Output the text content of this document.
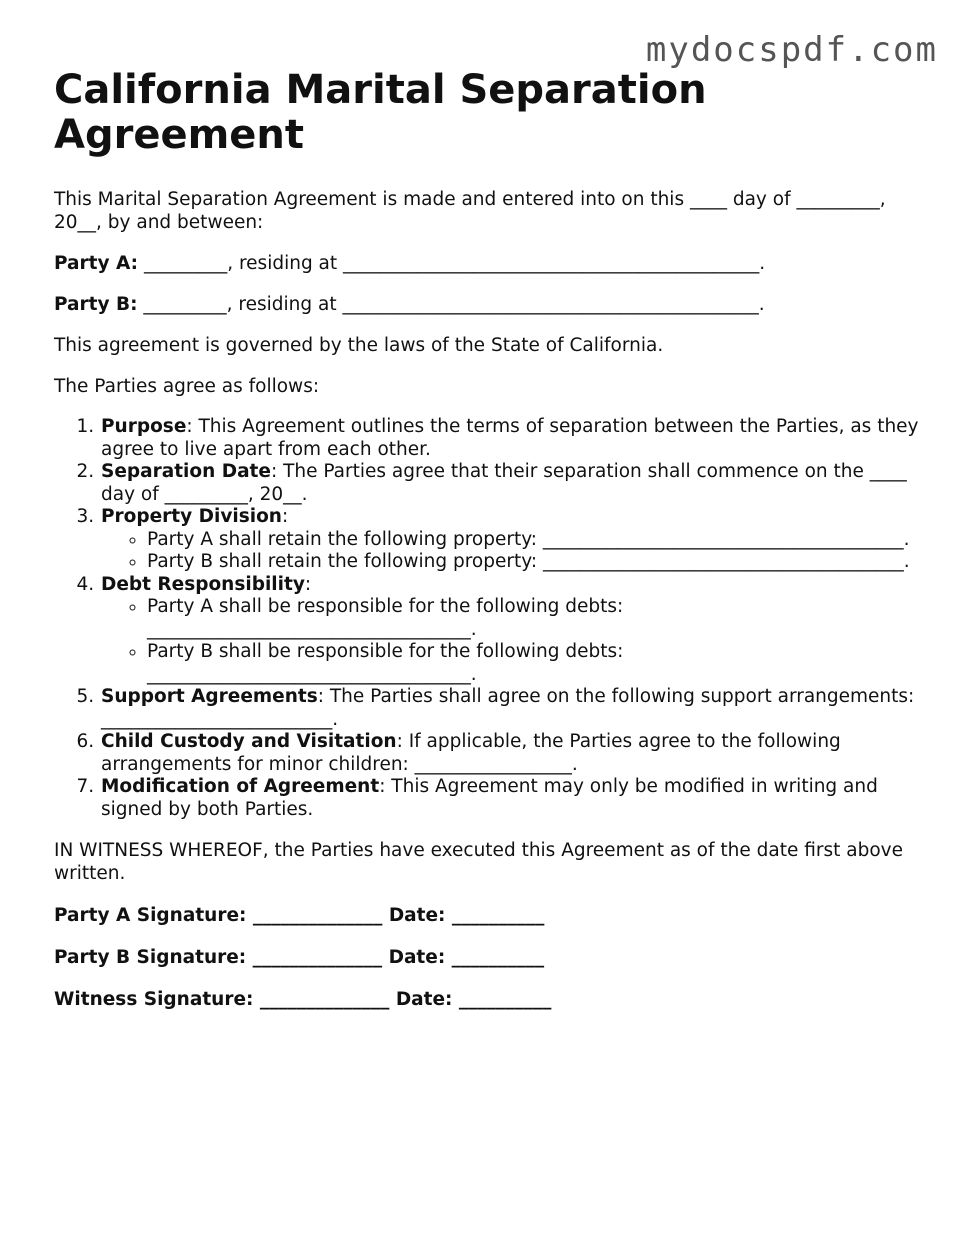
mydocspdf.com
California Marital Separation Agreement

This Marital Separation Agreement is made and entered into on this ____ day of _________, 20__, by and between:

Party A: _________, residing at _____________________________________________.

Party B: _________, residing at _____________________________________________.

This agreement is governed by the laws of the State of California.

The Parties agree as follows:

1. Purpose: This Agreement outlines the terms of separation between the Parties, as they agree to live apart from each other.
2. Separation Date: The Parties agree that their separation shall commence on the ____ day of _________, 20__.
3. Property Division:
◦ Party A shall retain the following property: _______________________________________.
◦ Party B shall retain the following property: _______________________________________.
4. Debt Responsibility:
◦ Party A shall be responsible for the following debts: ___________________________________.
◦ Party B shall be responsible for the following debts: ___________________________________.
5. Support Agreements: The Parties shall agree on the following support arrangements: _________________________.
6. Child Custody and Visitation: If applicable, the Parties agree to the following arrangements for minor children: _________________.
7. Modification of Agreement: This Agreement may only be modified in writing and signed by both Parties.

IN WITNESS WHEREOF, the Parties have executed this Agreement as of the date first above written.

Party A Signature: ______________ Date: __________

Party B Signature: ______________ Date: __________

Witness Signature: ______________ Date: __________
